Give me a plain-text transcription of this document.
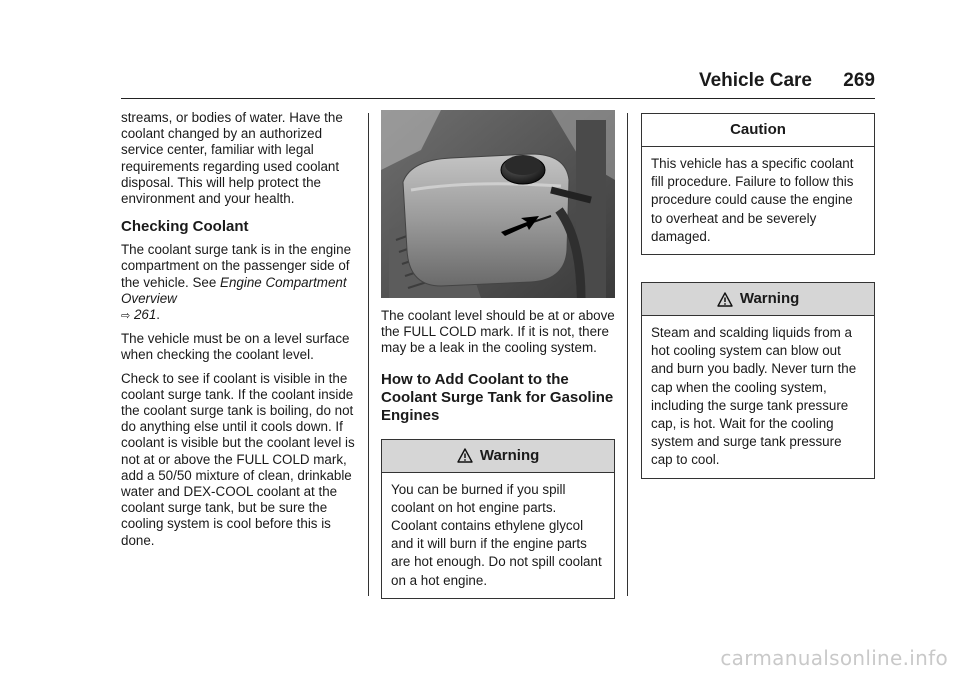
Vehicle Care 269

streams, or bodies of water. Have the coolant changed by an authorized service center, familiar with legal requirements regarding used coolant disposal. This will help protect the environment and your health.

Checking Coolant

The coolant surge tank is in the engine compartment on the passenger side of the vehicle. See Engine Compartment Overview
⇨ 261.

The vehicle must be on a level surface when checking the coolant level.

Check to see if coolant is visible in the coolant surge tank. If the coolant inside the coolant surge tank is boiling, do not do anything else until it cools down. If coolant is visible but the coolant level is not at or above the FULL COLD mark, add a 50/50 mixture of clean, drinkable water and DEX-COOL coolant at the coolant surge tank, but be sure the cooling system is cool before this is done.

The coolant level should be at or above the FULL COLD mark. If it is not, there may be a leak in the cooling system.

How to Add Coolant to the Coolant Surge Tank for Gasoline Engines
Warning
You can be burned if you spill coolant on hot engine parts. Coolant contains ethylene glycol and it will burn if the engine parts are hot enough. Do not spill coolant on a hot engine.
Caution
This vehicle has a specific coolant fill procedure. Failure to follow this procedure could cause the engine to overheat and be severely damaged.
Warning
Steam and scalding liquids from a hot cooling system can blow out and burn you badly. Never turn the cap when the cooling system, including the surge tank pressure cap, is hot. Wait for the cooling system and surge tank pressure cap to cool.
carmanualsonline.info
